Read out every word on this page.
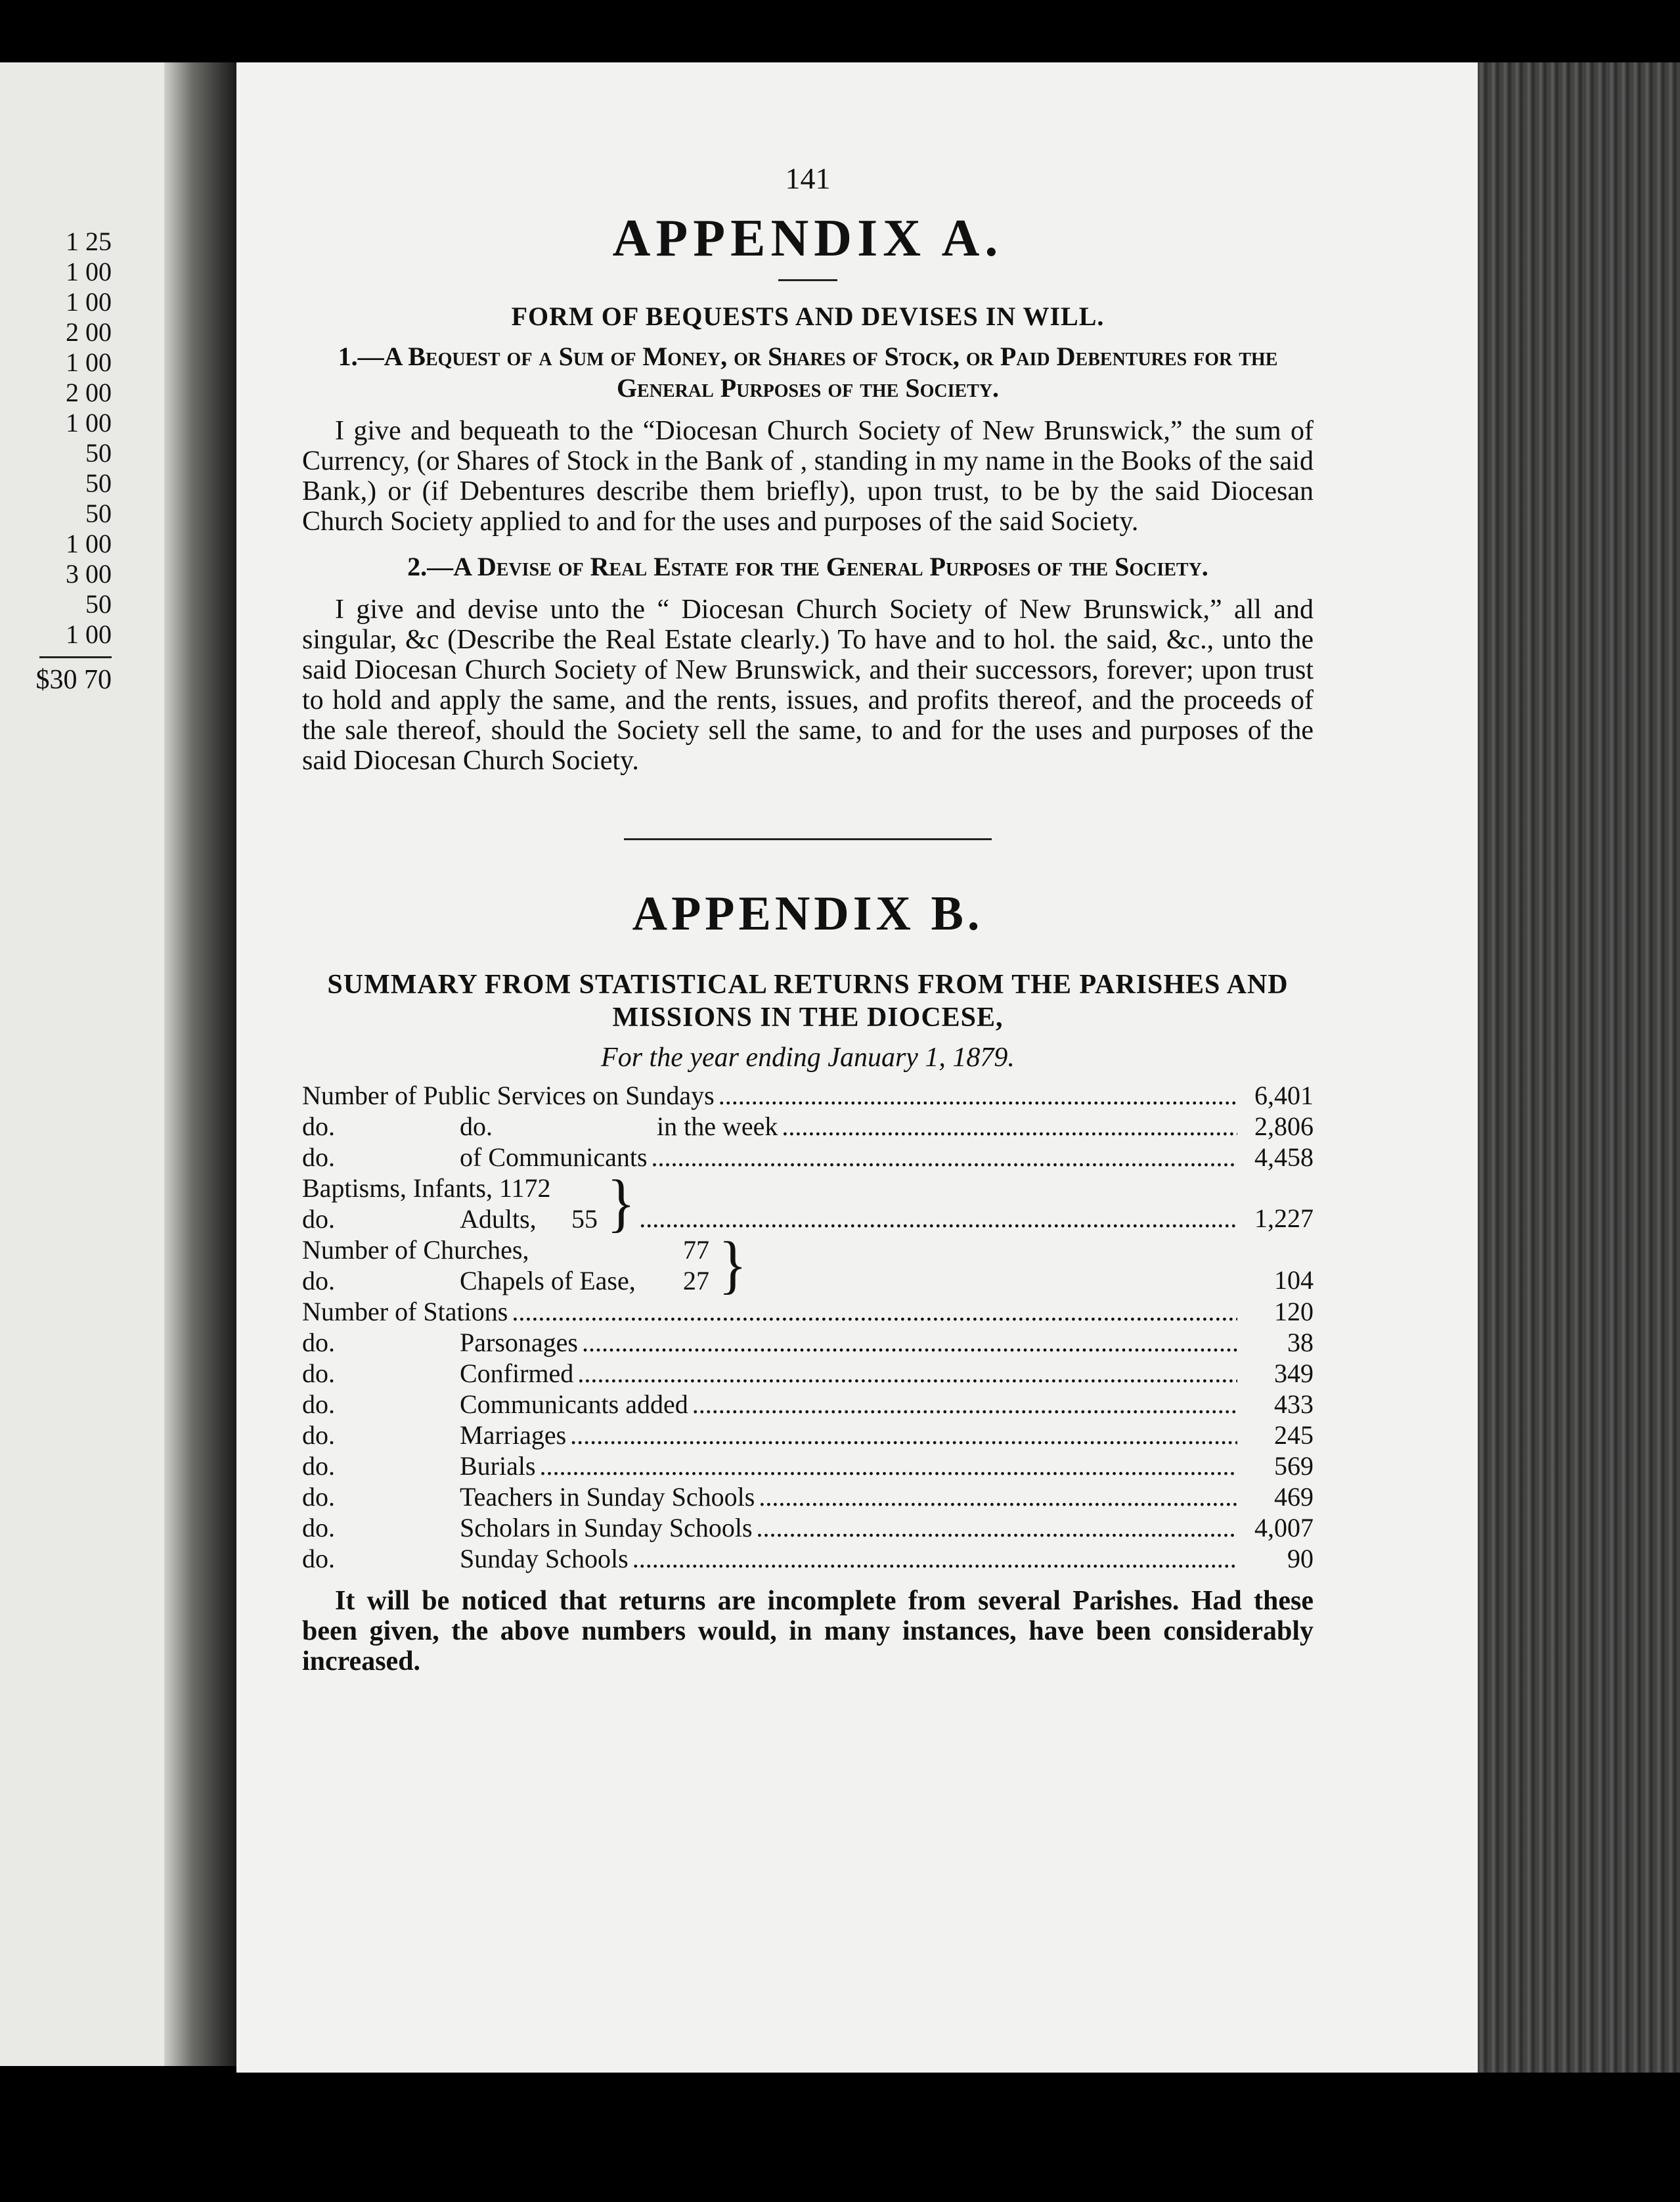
1 25
1 00
1 00
2 00
1 00
2 00
1 00
50
50
50
1 00
3 00
50
1 00
$30 70
141
APPENDIX A.
FORM OF BEQUESTS AND DEVISES IN WILL.
1.—A Bequest of a Sum of Money, or Shares of Stock, or Paid Debentures for the General Purposes of the Society.

I give and bequeath to the “Diocesan Church Society of New Brunswick,” the sum of Currency, (or Shares of Stock in the Bank of , standing in my name in the Books of the said Bank,) or (if Debentures describe them briefly), upon trust, to be by the said Diocesan Church Society applied to and for the uses and purposes of the said Society.

2.—A Devise of Real Estate for the General Purposes of the Society.

I give and devise unto the “ Diocesan Church Society of New Brunswick,” all and singular, &c (Describe the Real Estate clearly.) To have and to hol. the said, &c., unto the said Diocesan Church Society of New Brunswick, and their successors, forever; upon trust to hold and apply the same, and the rents, issues, and profits thereof, and the proceeds of the sale thereof, should the Society sell the same, to and for the uses and purposes of the said Diocesan Church Society.

APPENDIX B.
SUMMARY FROM STATISTICAL RETURNS FROM THE PARISHES AND MISSIONS IN THE DIOCESE,
For the year ending January 1, 1879.
Number of Public Services on Sundays .....	6,401
do.	do.	in the week .....	2,806
do.	of Communicants .....	4,458
Baptisms, Infants, 1172
do.	Adults,	55 } .....	1,227
Number of Churches,	77
do.	Chapels of Ease,	27 }	104
Number of Stations .....	120
do.	Parsonages .....	38
do.	Confirmed .....	349
do.	Communicants added .....	433
do.	Marriages .....	245
do.	Burials .....	569
do.	Teachers in Sunday Schools .....	469
do.	Scholars in Sunday Schools .....	4,007
do.	Sunday Schools .....	90

It will be noticed that returns are incomplete from several Parishes. Had these been given, the above numbers would, in many instances, have been considerably increased.
